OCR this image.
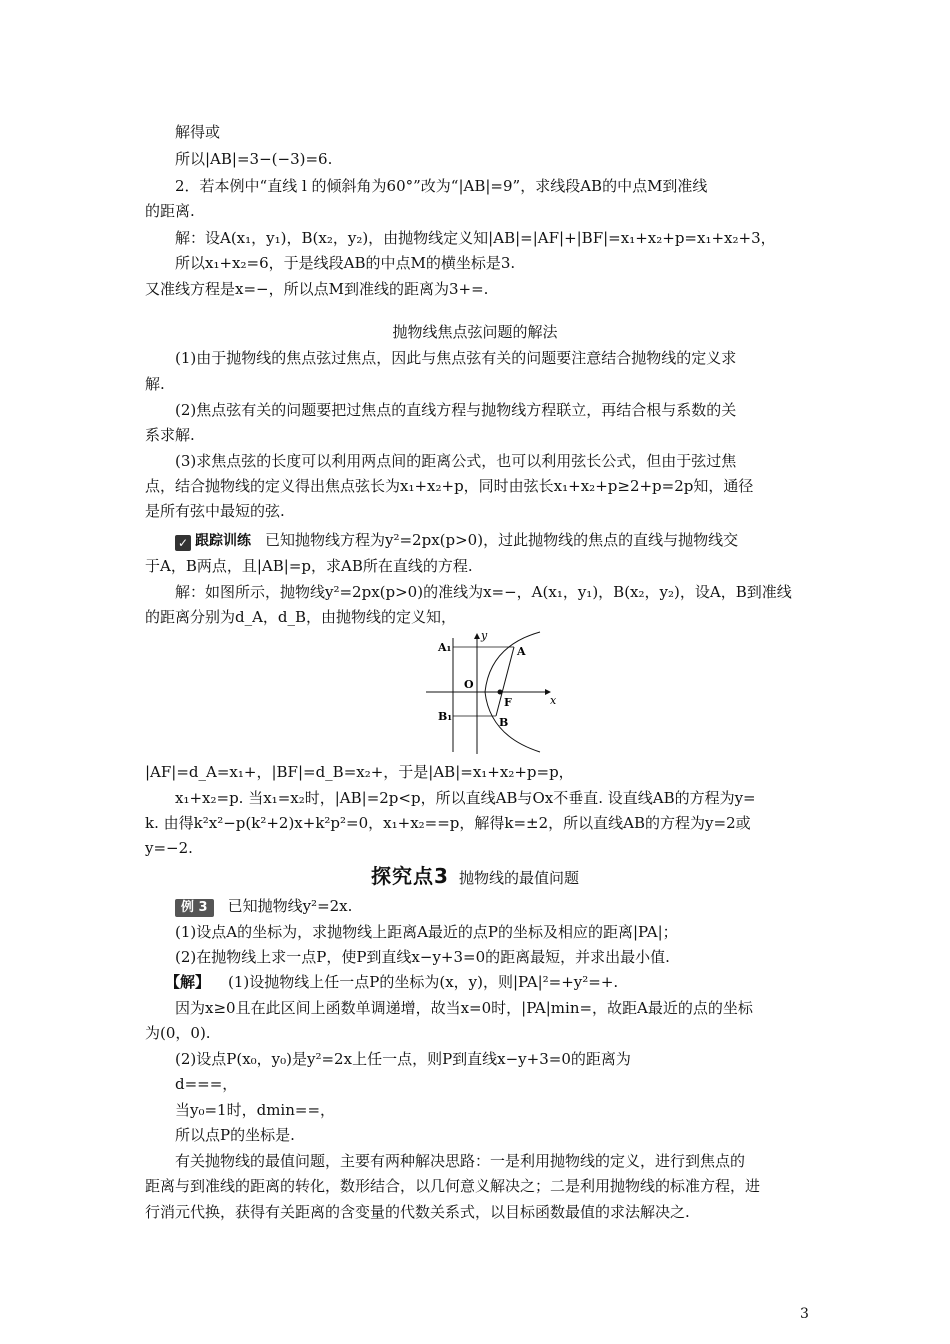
解得或
所以|AB|=3−(−3)=6.
2．若本例中“直线 l 的倾斜角为60°”改为“|AB|=9”，求线段AB的中点M到准线
的距离.
解：设A(x₁，y₁)，B(x₂，y₂)，由抛物线定义知|AB|=|AF|+|BF|=x₁+x₂+p=x₁+x₂+3，
所以x₁+x₂=6，于是线段AB的中点M的横坐标是3.
又准线方程是x=−，所以点M到准线的距离为3+=.
抛物线焦点弦问题的解法
(1)由于抛物线的焦点弦过焦点，因此与焦点弦有关的问题要注意结合抛物线的定义求
解.
(2)焦点弦有关的问题要把过焦点的直线方程与抛物线方程联立，再结合根与系数的关
系求解.
(3)求焦点弦的长度可以利用两点间的距离公式，也可以利用弦长公式，但由于弦过焦
点，结合抛物线的定义得出焦点弦长为x₁+x₂+p，同时由弦长x₁+x₂+p≥2+p=2p知，通径
是所有弦中最短的弦.
✓ 跟踪训练 已知抛物线方程为y²=2px(p>0)，过此抛物线的焦点的直线与抛物线交
于A，B两点，且|AB|=p，求AB所在直线的方程.
解：如图所示，抛物线y²=2px(p>0)的准线为x=−，A(x₁，y₁)，B(x₂，y₂)，设A，B到准线
的距离分别为d_A，d_B，由抛物线的定义知，
y
x
A₁	A
O
F
B₁	B
|AF|=d_A=x₁+，|BF|=d_B=x₂+，于是|AB|=x₁+x₂+p=p，
x₁+x₂=p. 当x₁=x₂时，|AB|=2p<p，所以直线AB与Ox不垂直. 设直线AB的方程为y=
k. 由得k²x²−p(k²+2)x+k²p²=0，x₁+x₂==p，解得k=±2，所以直线AB的方程为y=2或
y=−2.
探究点3 抛物线的最值问题
例 3 已知抛物线y²=2x.
(1)设点A的坐标为，求抛物线上距离A最近的点P的坐标及相应的距离|PA|；
(2)在抛物线上求一点P，使P到直线x−y+3=0的距离最短，并求出最小值.
【解】 (1)设抛物线上任一点P的坐标为(x，y)，则|PA|²=+y²=+.
因为x≥0且在此区间上函数单调递增，故当x=0时，|PA|min=，故距A最近的点的坐标
为(0，0).
(2)设点P(x₀，y₀)是y²=2x上任一点，则P到直线x−y+3=0的距离为
d===，
当y₀=1时，dmin==，
所以点P的坐标是.
有关抛物线的最值问题，主要有两种解决思路：一是利用抛物线的定义，进行到焦点的
距离与到准线的距离的转化，数形结合，以几何意义解决之；二是利用抛物线的标准方程，进
行消元代换，获得有关距离的含变量的代数关系式，以目标函数最值的求法解决之.
3
